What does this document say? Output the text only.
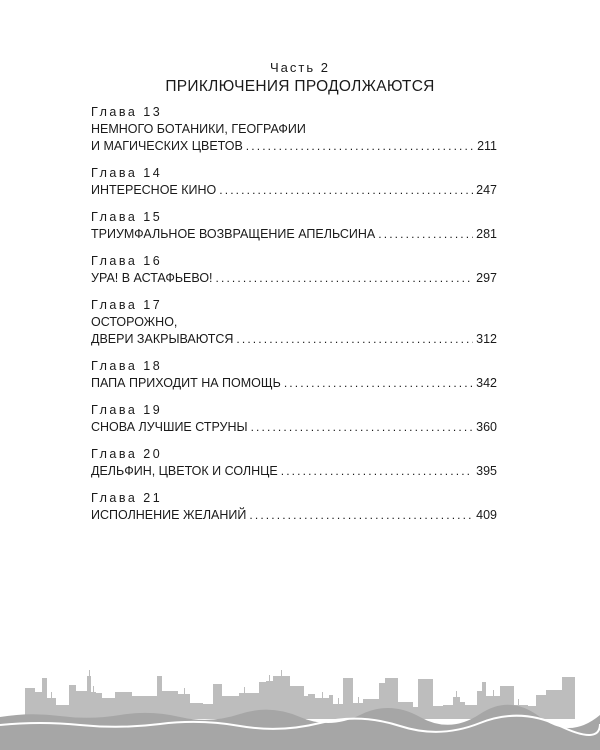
Часть 2
ПРИКЛЮЧЕНИЯ ПРОДОЛЖАЮТСЯ
Глава 13
НЕМНОГО БОТАНИКИ, ГЕОГРАФИИ
И МАГИЧЕСКИХ ЦВЕТОВ . . .	211
Глава 14
ИНТЕРЕСНОЕ КИНО . . .	247
Глава 15
ТРИУМФАЛЬНОЕ ВОЗВРАЩЕНИЕ АПЕЛЬСИНА . . .	281
Глава 16
УРА! В АСТАФЬЕВО! . . .	297
Глава 17
ОСТОРОЖНО,
ДВЕРИ ЗАКРЫВАЮТСЯ . . .	312
Глава 18
ПАПА ПРИХОДИТ НА ПОМОЩЬ . . .	342
Глава 19
СНОВА ЛУЧШИЕ СТРУНЫ . . .	360
Глава 20
ДЕЛЬФИН, ЦВЕТОК И СОЛНЦЕ . . .	395
Глава 21
ИСПОЛНЕНИЕ ЖЕЛАНИЙ . . .	409
